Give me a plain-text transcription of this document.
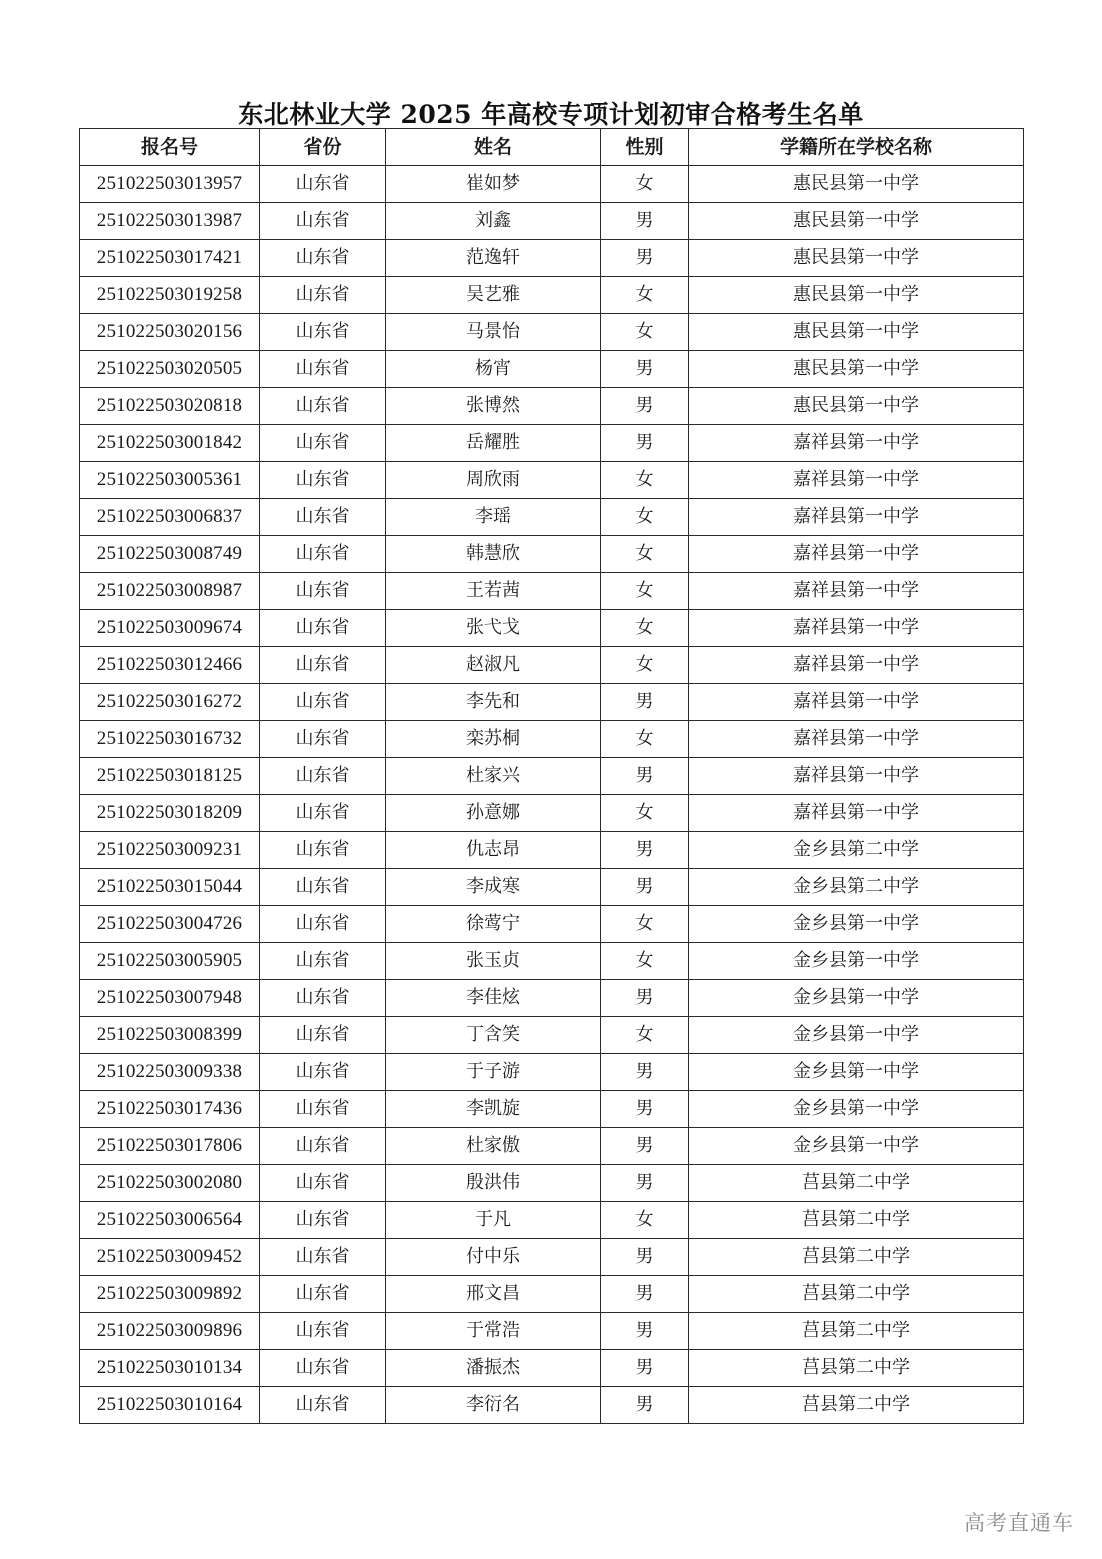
东北林业大学 2025 年高校专项计划初审合格考生名单
报名号	省份	姓名	性别	学籍所在学校名称
251022503013957	山东省	崔如梦	女	惠民县第一中学
251022503013987	山东省	刘鑫	男	惠民县第一中学
251022503017421	山东省	范逸轩	男	惠民县第一中学
251022503019258	山东省	吴艺雅	女	惠民县第一中学
251022503020156	山东省	马景怡	女	惠民县第一中学
251022503020505	山东省	杨宵	男	惠民县第一中学
251022503020818	山东省	张博然	男	惠民县第一中学
251022503001842	山东省	岳耀胜	男	嘉祥县第一中学
251022503005361	山东省	周欣雨	女	嘉祥县第一中学
251022503006837	山东省	李瑶	女	嘉祥县第一中学
251022503008749	山东省	韩慧欣	女	嘉祥县第一中学
251022503008987	山东省	王若茜	女	嘉祥县第一中学
251022503009674	山东省	张弋戈	女	嘉祥县第一中学
251022503012466	山东省	赵淑凡	女	嘉祥县第一中学
251022503016272	山东省	李先和	男	嘉祥县第一中学
251022503016732	山东省	栾苏桐	女	嘉祥县第一中学
251022503018125	山东省	杜家兴	男	嘉祥县第一中学
251022503018209	山东省	孙意娜	女	嘉祥县第一中学
251022503009231	山东省	仇志昂	男	金乡县第二中学
251022503015044	山东省	李成寒	男	金乡县第二中学
251022503004726	山东省	徐莺宁	女	金乡县第一中学
251022503005905	山东省	张玉贞	女	金乡县第一中学
251022503007948	山东省	李佳炫	男	金乡县第一中学
251022503008399	山东省	丁含笑	女	金乡县第一中学
251022503009338	山东省	于子游	男	金乡县第一中学
251022503017436	山东省	李凯旋	男	金乡县第一中学
251022503017806	山东省	杜家傲	男	金乡县第一中学
251022503002080	山东省	殷洪伟	男	莒县第二中学
251022503006564	山东省	于凡	女	莒县第二中学
251022503009452	山东省	付中乐	男	莒县第二中学
251022503009892	山东省	邢文昌	男	莒县第二中学
251022503009896	山东省	于常浩	男	莒县第二中学
251022503010134	山东省	潘振杰	男	莒县第二中学
251022503010164	山东省	李衍名	男	莒县第二中学
高考直通车
